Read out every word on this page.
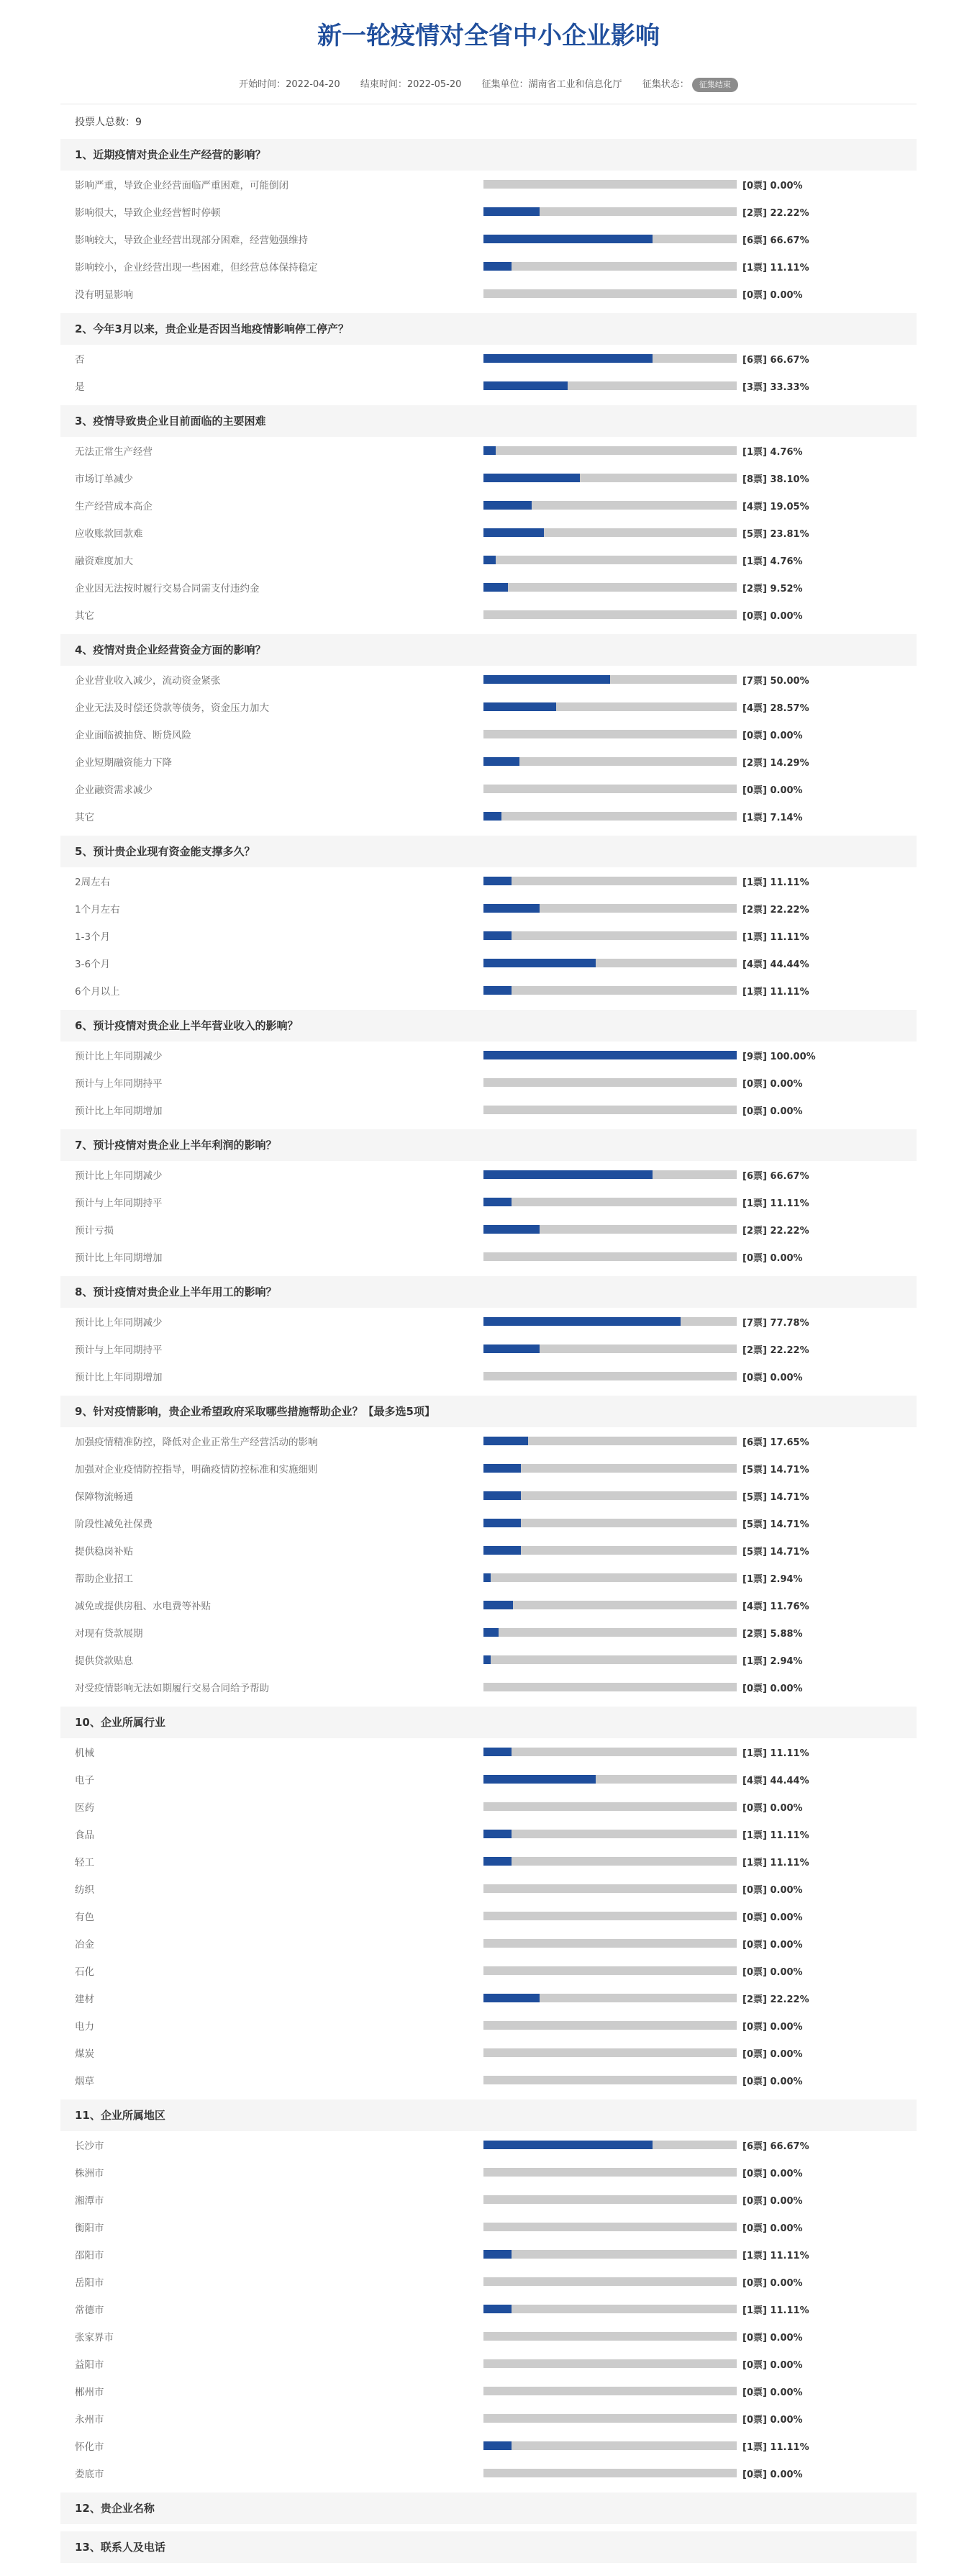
新一轮疫情对全省中小企业影响
开始时间：2022-04-20 结束时间：2022-05-20 征集单位：湖南省工业和信息化厅 征集状态： 征集结束
投票人总数：9
1、近期疫情对贵企业生产经营的影响？
影响严重，导致企业经营面临严重困难，可能倒闭	[0票] 0.00%
影响很大，导致企业经营暂时停顿	[2票] 22.22%
影响较大，导致企业经营出现部分困难，经营勉强维持	[6票] 66.67%
影响较小，企业经营出现一些困难，但经营总体保持稳定	[1票] 11.11%
没有明显影响	[0票] 0.00%
2、今年3月以来，贵企业是否因当地疫情影响停工停产？
否	[6票] 66.67%
是	[3票] 33.33%
3、疫情导致贵企业目前面临的主要困难
无法正常生产经营	[1票] 4.76%
市场订单减少	[8票] 38.10%
生产经营成本高企	[4票] 19.05%
应收账款回款难	[5票] 23.81%
融资难度加大	[1票] 4.76%
企业因无法按时履行交易合同需支付违约金	[2票] 9.52%
其它	[0票] 0.00%
4、疫情对贵企业经营资金方面的影响？
企业营业收入减少，流动资金紧张	[7票] 50.00%
企业无法及时偿还贷款等债务，资金压力加大	[4票] 28.57%
企业面临被抽贷、断贷风险	[0票] 0.00%
企业短期融资能力下降	[2票] 14.29%
企业融资需求减少	[0票] 0.00%
其它	[1票] 7.14%
5、预计贵企业现有资金能支撑多久？
2周左右	[1票] 11.11%
1个月左右	[2票] 22.22%
1-3个月	[1票] 11.11%
3-6个月	[4票] 44.44%
6个月以上	[1票] 11.11%
6、预计疫情对贵企业上半年营业收入的影响？
预计比上年同期减少	[9票] 100.00%
预计与上年同期持平	[0票] 0.00%
预计比上年同期增加	[0票] 0.00%
7、预计疫情对贵企业上半年利润的影响？
预计比上年同期减少	[6票] 66.67%
预计与上年同期持平	[1票] 11.11%
预计亏损	[2票] 22.22%
预计比上年同期增加	[0票] 0.00%
8、预计疫情对贵企业上半年用工的影响？
预计比上年同期减少	[7票] 77.78%
预计与上年同期持平	[2票] 22.22%
预计比上年同期增加	[0票] 0.00%
9、针对疫情影响，贵企业希望政府采取哪些措施帮助企业？【最多选5项】
加强疫情精准防控，降低对企业正常生产经营活动的影响	[6票] 17.65%
加强对企业疫情防控指导，明确疫情防控标准和实施细则	[5票] 14.71%
保障物流畅通	[5票] 14.71%
阶段性减免社保费	[5票] 14.71%
提供稳岗补贴	[5票] 14.71%
帮助企业招工	[1票] 2.94%
减免或提供房租、水电费等补贴	[4票] 11.76%
对现有贷款展期	[2票] 5.88%
提供贷款贴息	[1票] 2.94%
对受疫情影响无法如期履行交易合同给予帮助	[0票] 0.00%
10、企业所属行业
机械	[1票] 11.11%
电子	[4票] 44.44%
医药	[0票] 0.00%
食品	[1票] 11.11%
轻工	[1票] 11.11%
纺织	[0票] 0.00%
有色	[0票] 0.00%
冶金	[0票] 0.00%
石化	[0票] 0.00%
建材	[2票] 22.22%
电力	[0票] 0.00%
煤炭	[0票] 0.00%
烟草	[0票] 0.00%
11、企业所属地区
长沙市	[6票] 66.67%
株洲市	[0票] 0.00%
湘潭市	[0票] 0.00%
衡阳市	[0票] 0.00%
邵阳市	[1票] 11.11%
岳阳市	[0票] 0.00%
常德市	[1票] 11.11%
张家界市	[0票] 0.00%
益阳市	[0票] 0.00%
郴州市	[0票] 0.00%
永州市	[0票] 0.00%
怀化市	[1票] 11.11%
娄底市	[0票] 0.00%
12、贵企业名称
13、联系人及电话
